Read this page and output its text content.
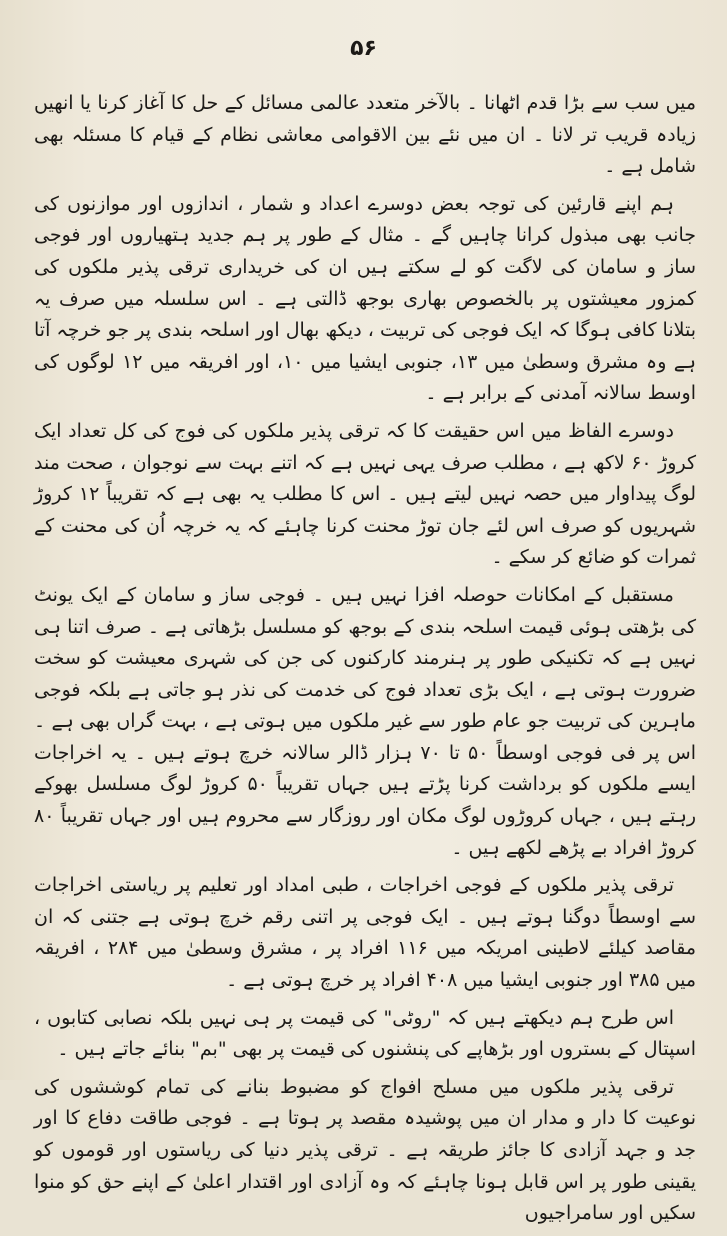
۵۶

میں سب سے بڑا قدم اٹھانا ۔ بالآخر متعدد عالمی مسائل کے حل کا آغاز کرنا یا انھیں زیادہ قریب تر لانا ۔ ان میں نئے بین الاقوامی معاشی نظام کے قیام کا مسئلہ بھی شامل ہے ۔

ہم اپنے قارئین کی توجہ بعض دوسرے اعداد و شمار ، اندازوں اور موازنوں کی جانب بھی مبذول کرانا چاہیں گے ۔ مثال کے طور پر ہم جدید ہتھیاروں اور فوجی ساز و سامان کی لاگت کو لے سکتے ہیں ان کی خریداری ترقی پذیر ملکوں کی کمزور معیشتوں پر بالخصوص بھاری بوجھ ڈالتی ہے ۔ اس سلسلہ میں صرف یہ بتلانا کافی ہوگا کہ ایک فوجی کی تربیت ، دیکھ بھال اور اسلحہ بندی پر جو خرچہ آتا ہے وہ مشرق وسطیٰ میں ۱۳، جنوبی ایشیا میں ۱۰، اور افریقہ میں ۱۲ لوگوں کی اوسط سالانہ آمدنی کے برابر ہے ۔

دوسرے الفاظ میں اس حقیقت کا کہ ترقی پذیر ملکوں کی فوج کی کل تعداد ایک کروڑ ۶۰ لاکھ ہے ، مطلب صرف یہی نہیں ہے کہ اتنے بہت سے نوجوان ، صحت مند لوگ پیداوار میں حصہ نہیں لیتے ہیں ۔ اس کا مطلب یہ بھی ہے کہ تقریباً ۱۲ کروڑ شہریوں کو صرف اس لئے جان توڑ محنت کرنا چاہئے کہ یہ خرچہ اُن کی محنت کے ثمرات کو ضائع کر سکے ۔

مستقبل کے امکانات حوصلہ افزا نہیں ہیں ۔ فوجی ساز و سامان کے ایک یونٹ کی بڑھتی ہوئی قیمت اسلحہ بندی کے بوجھ کو مسلسل بڑھاتی ہے ۔ صرف اتنا ہی نہیں ہے کہ تکنیکی طور پر ہنرمند کارکنوں کی جن کی شہری معیشت کو سخت ضرورت ہوتی ہے ، ایک بڑی تعداد فوج کی خدمت کی نذر ہو جاتی ہے بلکہ فوجی ماہرین کی تربیت جو عام طور سے غیر ملکوں میں ہوتی ہے ، بہت گراں بھی ہے ۔ اس پر فی فوجی اوسطاً ۵۰ تا ۷۰ ہزار ڈالر سالانہ خرچ ہوتے ہیں ۔ یہ اخراجات ایسے ملکوں کو برداشت کرنا پڑتے ہیں جہاں تقریباً ۵۰ کروڑ لوگ مسلسل بھوکے رہتے ہیں ، جہاں کروڑوں لوگ مکان اور روزگار سے محروم ہیں اور جہاں تقریباً ۸۰ کروڑ افراد بے پڑھے لکھے ہیں ۔

ترقی پذیر ملکوں کے فوجی اخراجات ، طبی امداد اور تعلیم پر ریاستی اخراجات سے اوسطاً دوگنا ہوتے ہیں ۔ ایک فوجی پر اتنی رقم خرچ ہوتی ہے جتنی کہ ان مقاصد کیلئے لاطینی امریکہ میں ۱۱۶ افراد پر ، مشرق وسطیٰ میں ۲۸۴ ، افریقہ میں ۳۸۵ اور جنوبی ایشیا میں ۴۰۸ افراد پر خرچ ہوتی ہے ۔

اس طرح ہم دیکھتے ہیں کہ "روٹی" کی قیمت پر ہی نہیں بلکہ نصابی کتابوں ، اسپتال کے بستروں اور بڑھاپے کی پنشنوں کی قیمت پر بھی "بم" بنائے جاتے ہیں ۔

ترقی پذیر ملکوں میں مسلح افواج کو مضبوط بنانے کی تمام کوششوں کی نوعیت کا دار و مدار ان میں پوشیدہ مقصد پر ہوتا ہے ۔ فوجی طاقت دفاع کا اور جد و جہد آزادی کا جائز طریقہ ہے ۔ ترقی پذیر دنیا کی ریاستوں اور قوموں کو یقینی طور پر اس قابل ہونا چاہئے کہ وہ آزادی اور اقتدار اعلیٰ کے اپنے حق کو منوا سکیں اور سامراجیوں
